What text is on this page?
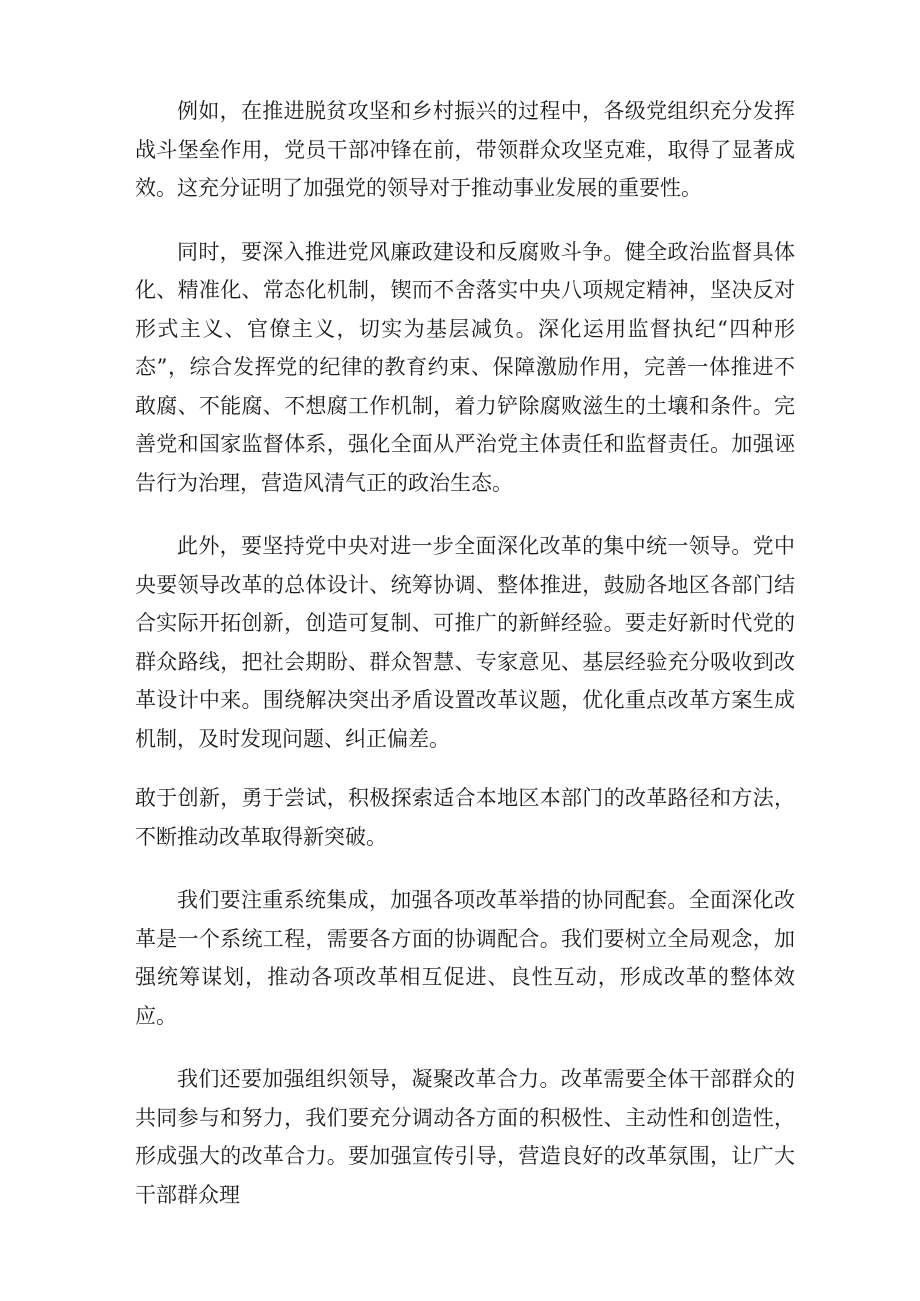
例如，在推进脱贫攻坚和乡村振兴的过程中，各级党组织充分发挥战斗堡垒作用，党员干部冲锋在前，带领群众攻坚克难，取得了显著成效。这充分证明了加强党的领导对于推动事业发展的重要性。

同时，要深入推进党风廉政建设和反腐败斗争。健全政治监督具体化、精准化、常态化机制，锲而不舍落实中央八项规定精神，坚决反对形式主义、官僚主义，切实为基层减负。深化运用监督执纪“四种形态”，综合发挥党的纪律的教育约束、保障激励作用，完善一体推进不敢腐、不能腐、不想腐工作机制，着力铲除腐败滋生的土壤和条件。完善党和国家监督体系，强化全面从严治党主体责任和监督责任。加强诬告行为治理，营造风清气正的政治生态。

此外，要坚持党中央对进一步全面深化改革的集中统一领导。党中央要领导改革的总体设计、统筹协调、整体推进，鼓励各地区各部门结合实际开拓创新，创造可复制、可推广的新鲜经验。要走好新时代党的群众路线，把社会期盼、群众智慧、专家意见、基层经验充分吸收到改革设计中来。围绕解决突出矛盾设置改革议题，优化重点改革方案生成机制，及时发现问题、纠正偏差。

敢于创新，勇于尝试，积极探索适合本地区本部门的改革路径和方法，不断推动改革取得新突破。

我们要注重系统集成，加强各项改革举措的协同配套。全面深化改革是一个系统工程，需要各方面的协调配合。我们要树立全局观念，加强统筹谋划，推动各项改革相互促进、良性互动，形成改革的整体效应。

我们还要加强组织领导，凝聚改革合力。改革需要全体干部群众的共同参与和努力，我们要充分调动各方面的积极性、主动性和创造性，形成强大的改革合力。要加强宣传引导，营造良好的改革氛围，让广大干部群众理
